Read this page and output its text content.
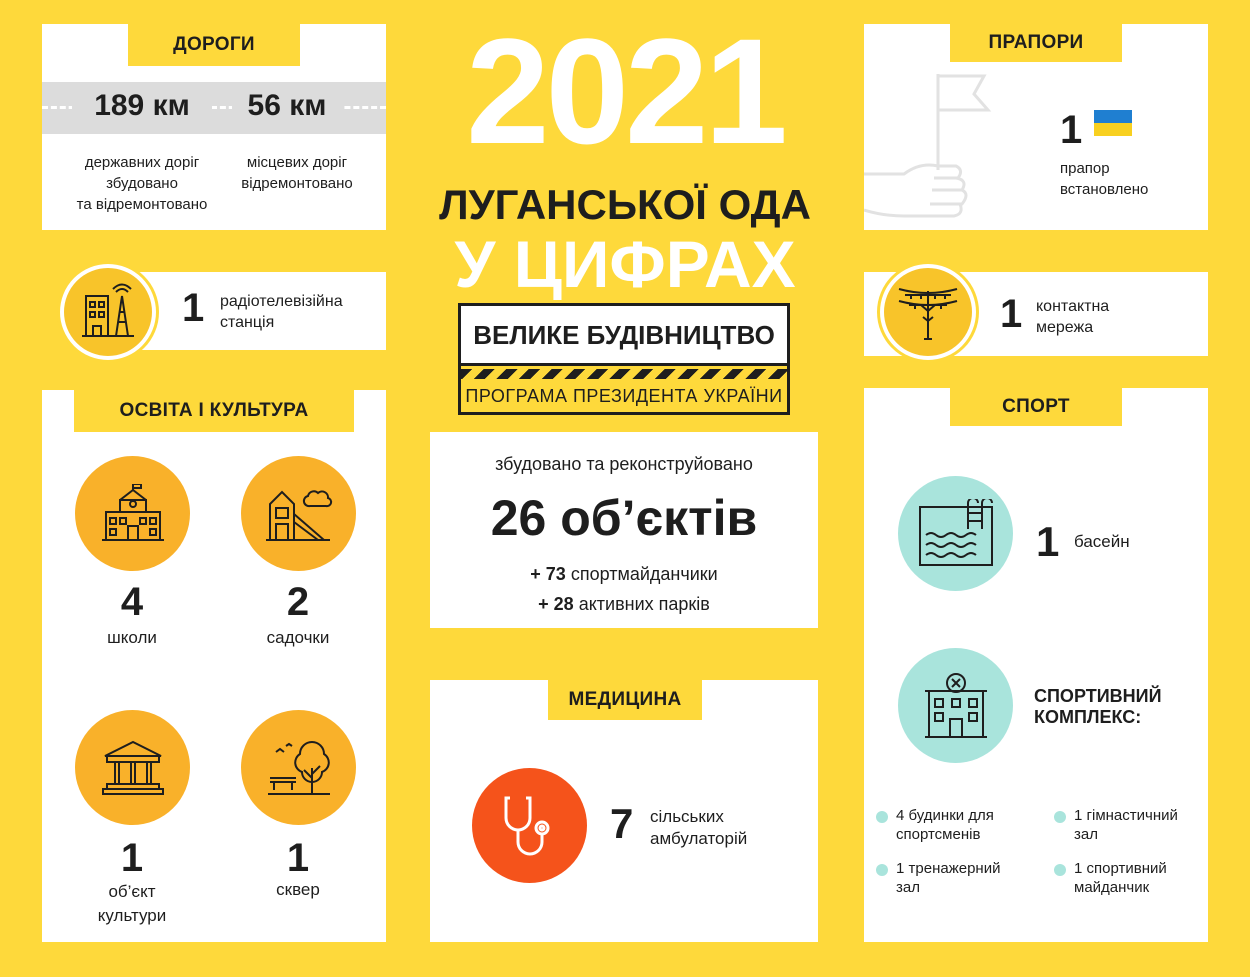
ДОРОГИ
189 км	56 км
державних доріг
збудовано
та відремонтовано
місцевих доріг
відремонтовано
1 радіотелевізійна
станція
ОСВІТА І КУЛЬТУРА
4
школи
2
садочки
1
об’єкт
культури
1
сквер
2021
ЛУГАНСЬКОЇ ОДА
У ЦИФРАХ
ВЕЛИКЕ БУДІВНИЦТВО
ПРОГРАМА ПРЕЗИДЕНТА УКРАЇНИ
збудовано та реконструйовано
26 об’єктів
+ 73 спортмайданчики
+ 28 активних парків
МЕДИЦИНА
7 сільських
амбулаторій
ПРАПОРИ
1
прапор
встановлено
1 контактна
мережа
СПОРТ
1 басейн
СПОРТИВНИЙ
КОМПЛЕКС:
4 будинки для
спортсменів
1 гімнастичний
зал
1 тренажерний
зал
1 спортивний
майданчик
